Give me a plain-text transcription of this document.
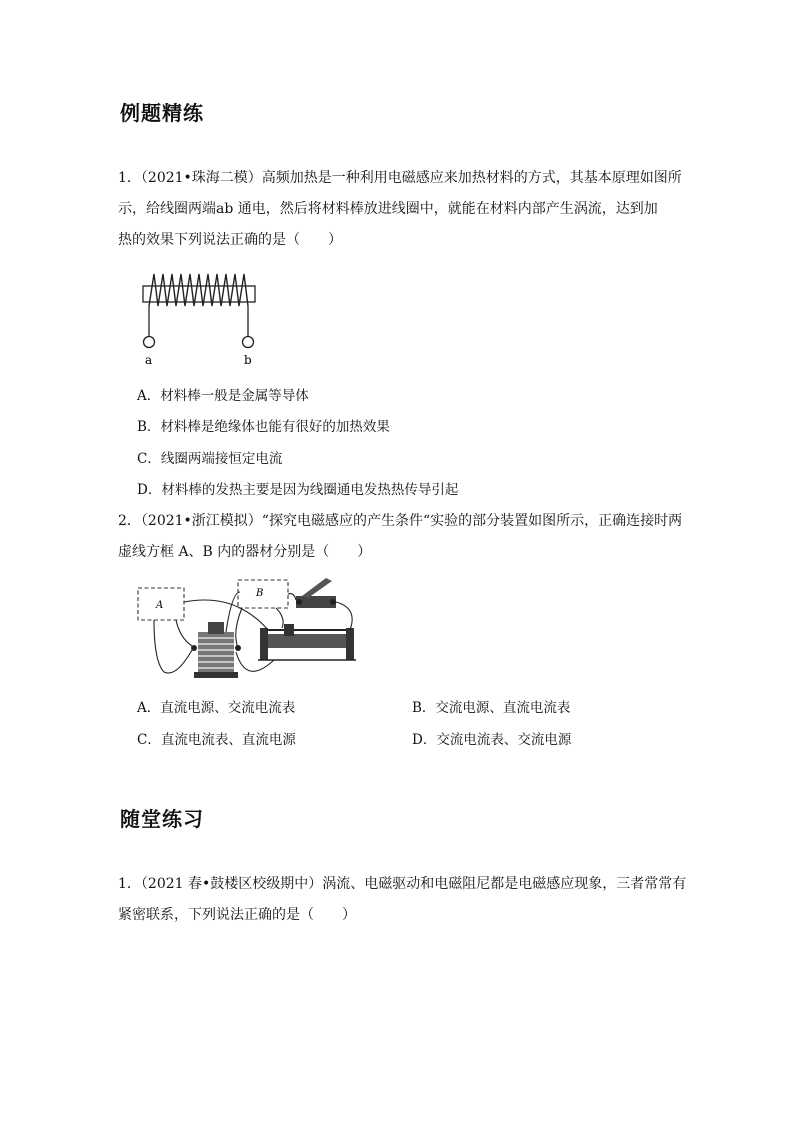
例题精练
1．（2021•珠海二模）高频加热是一种利用电磁感应来加热材料的方式，其基本原理如图所
示，给线圈两端ab 通电，然后将材料棒放进线圈中，就能在材料内部产生涡流，达到加
热的效果下列说法正确的是（　　）
a	b
A．材料棒一般是金属等导体
B．材料棒是绝缘体也能有很好的加热效果
C．线圈两端接恒定电流
D．材料棒的发热主要是因为线圈通电发热热传导引起
2．（2021•浙江模拟）“探究电磁感应的产生条件“实验的部分装置如图所示，正确连接时两
虚线方框 A、B 内的器材分别是（　　）
A
B
A．直流电源、交流电流表	B．交流电源、直流电流表
C．直流电流表、直流电源	D．交流电流表、交流电源
随堂练习
1．（2021 春•鼓楼区校级期中）涡流、电磁驱动和电磁阻尼都是电磁感应现象，三者常常有
紧密联系，下列说法正确的是（　　）
